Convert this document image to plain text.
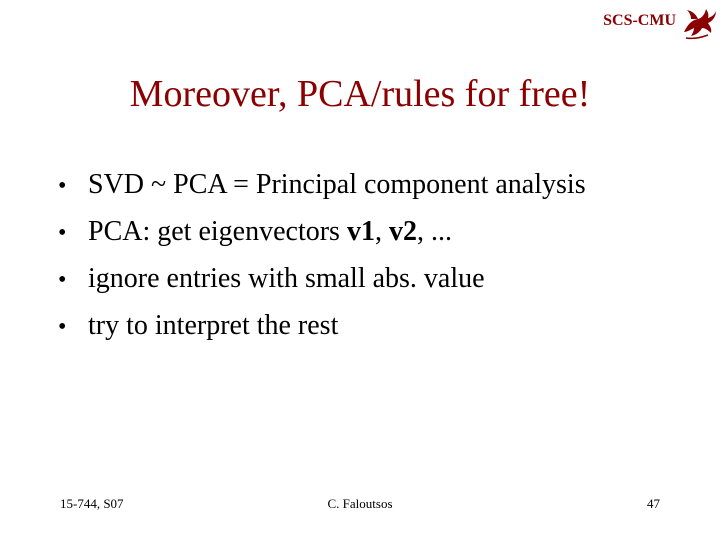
SCS-CMU
Moreover, PCA/rules for free!
• SVD ~ PCA = Principal component analysis
• PCA: get eigenvectors v1, v2, ...
• ignore entries with small abs. value
• try to interpret the rest
15-744, S07	C. Faloutsos	47
